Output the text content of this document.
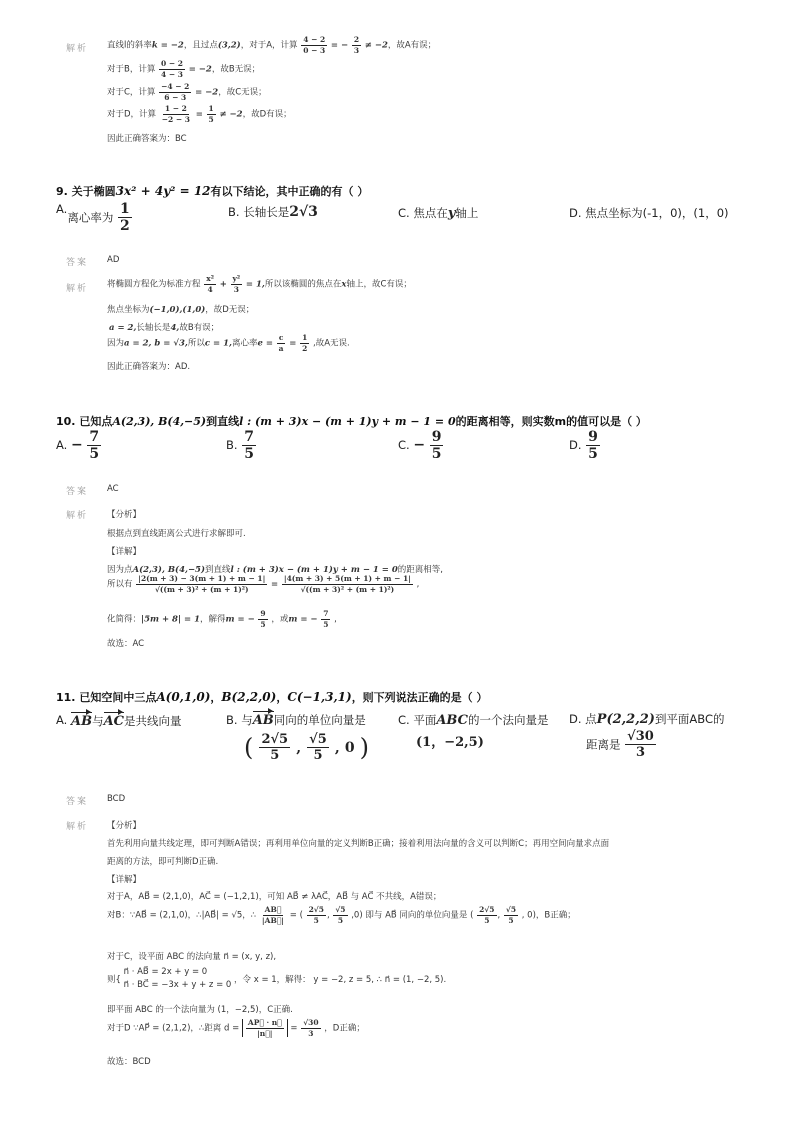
解析 直线l的斜率k = −2，且过点(3,2)，对于A，计算 $\frac{4 - 2}{0 - 3}$ = − $\frac{2}{3} \ne -2$，故A有误；
对于B，计算 $\frac{0 - 2}{4 - 3} = -2$，故B无误；
对于C，计算 $\frac{-4 - 2}{6 - 3} = -2$，故C无误；
对于D，计算 $\frac{1 - 2}{-2 - 3} = \frac{1}{5} \ne -2$，故D有误；
因此正确答案为：BC
9. 关于椭圆3x² + 4y² = 12有以下结论，其中正确的有（ ）
A.离心率为 $\frac{1}{2}$	B. 长轴长是2√3	C. 焦点在y轴上	D. 焦点坐标为(-1，0)，(1，0)
答案 AD
解析 将椭圆方程化为标准方程 $\frac{\text{x²}}{4} + \frac{\text{y²}}{3} = 1$,所以该椭圆的焦点在x轴上，故C有误；
焦点坐标为(−1,0),(1,0)，故D无误；
a = 2,长轴长是4,故B有误；
因为a = 2, b = √3,所以c = 1,离心率$e = \frac{c}{a} = \frac{1}{2}$ ,故A无误.
因此正确答案为：AD.
10. 已知点A(2,3), B(4,−5)到直线l : (m + 3)x − (m + 1)y + m − 1 = 0的距离相等，则实数m的值可以是（ ）
A. − $\frac{7}{5}$	B. $\frac{7}{5}$	C. − $\frac{9}{5}$	D. $\frac{9}{5}$
答案 AC
解析 【分析】
根据点到直线距离公式进行求解即可.
【详解】
因为点A(2,3), B(4,−5)到直线l : (m + 3)x − (m + 1)y + m − 1 = 0的距离相等,
所以有 $\frac{|2(m + 3) - 3(m + 1) + m - 1|}{\text{√((m + 3)² + (m + 1)²)}} = \frac{|4(m + 3) + 5(m + 1) + m - 1|}{\text{√((m + 3)² + (m + 1)²)}}$ ,
化简得：|5m + 8| = 1，解得m = − $\frac{9}{5}$ ，或m = − $\frac{7}{5}$ ,
故选：AC
11. 已知空间中三点A(0,1,0)，B(2,2,0)，C(−1,3,1)，则下列说法正确的是（ ）
A. AB与AC是共线向量	B. 与AB同向的单位向量是
( $\frac{2√5}{5}$ , $\frac{√5}{5}$ , 0 )
C. 平面ABC的一个法向量是
(1，−2,5)
D. 点P(2,2,2)到平面ABC的
距离是 $\frac{√30}{3}$
答案 BCD
解析 【分析】
首先利用向量共线定理，即可判断A错误；再利用单位向量的定义判断B正确；接着利用法向量的含义可以判断C；再用空间向量求点面
距离的方法，即可判断D正确.
【详解】
对于A，AB⃗ = (2,1,0)，AC⃗ = (−1,2,1)，可知 AB⃗ ≠ λAC⃗，AB⃗ 与 AC⃗ 不共线，A错误；
对B：∵AB⃗ = (2,1,0)，∴|AB⃗| = √5，∴ $\frac{AB⃗}{|AB⃗|}$ = ( $\frac{2√5}{5}$ , $\frac{√5}{5} ,0$) 即与 AB⃗ 同向的单位向量是 ( $\frac{2√5}{5}$ , $\frac{√5}{5}$ , 0)，B正确；
对于C，设平面 ABC 的法向量 n⃗ = (x, y, z),
则{
n⃗ · AB⃗ = 2x + y = 0
n⃗ · BC⃗ = −3x + y + z = 0 ，令 x = 1，解得： y = −2, z = 5, ∴ n⃗ = (1, −2, 5).
即平面 ABC 的一个法向量为 (1，−2,5)，C正确.
对于D ∵AP⃗ = (2,1,2)，∴距离 $d = \frac{AP⃗ \cdot n⃗}{|n⃗|} = \frac{√30}{3}$ ，D正确；
故选：BCD
